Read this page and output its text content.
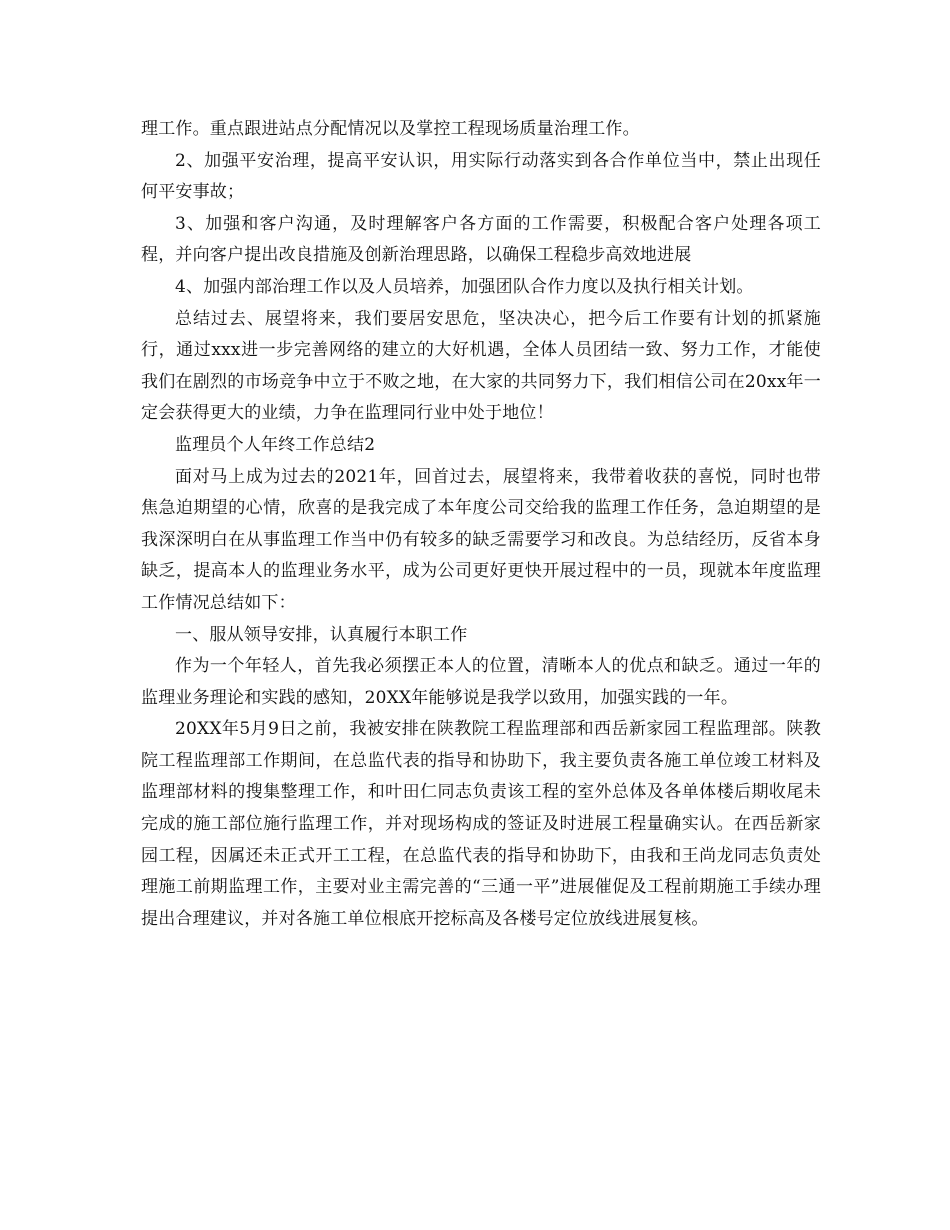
理工作。重点跟进站点分配情况以及掌控工程现场质量治理工作。

2、加强平安治理，提高平安认识，用实际行动落实到各合作单位当中，禁止出现任何平安事故；

3、加强和客户沟通，及时理解客户各方面的工作需要，积极配合客户处理各项工程，并向客户提出改良措施及创新治理思路，以确保工程稳步高效地进展

4、加强内部治理工作以及人员培养，加强团队合作力度以及执行相关计划。

总结过去、展望将来，我们要居安思危，坚决决心，把今后工作要有计划的抓紧施行，通过xxx进一步完善网络的建立的大好机遇，全体人员团结一致、努力工作，才能使我们在剧烈的市场竞争中立于不败之地，在大家的共同努力下，我们相信公司在20xx年一定会获得更大的业绩，力争在监理同行业中处于地位！

监理员个人年终工作总结2

面对马上成为过去的2021年，回首过去，展望将来，我带着收获的喜悦，同时也带焦急迫期望的心情，欣喜的是我完成了本年度公司交给我的监理工作任务，急迫期望的是我深深明白在从事监理工作当中仍有较多的缺乏需要学习和改良。为总结经历，反省本身缺乏，提高本人的监理业务水平，成为公司更好更快开展过程中的一员，现就本年度监理工作情况总结如下：

一、服从领导安排，认真履行本职工作

作为一个年轻人，首先我必须摆正本人的位置，清晰本人的优点和缺乏。通过一年的监理业务理论和实践的感知，20XX年能够说是我学以致用，加强实践的一年。

20XX年5月9日之前，我被安排在陕教院工程监理部和西岳新家园工程监理部。陕教院工程监理部工作期间，在总监代表的指导和协助下，我主要负责各施工单位竣工材料及监理部材料的搜集整理工作，和叶田仁同志负责该工程的室外总体及各单体楼后期收尾未完成的施工部位施行监理工作，并对现场构成的签证及时进展工程量确实认。在西岳新家园工程，因属还未正式开工工程，在总监代表的指导和协助下，由我和王尚龙同志负责处理施工前期监理工作，主要对业主需完善的“三通一平”进展催促及工程前期施工手续办理提出合理建议，并对各施工单位根底开挖标高及各楼号定位放线进展复核。
